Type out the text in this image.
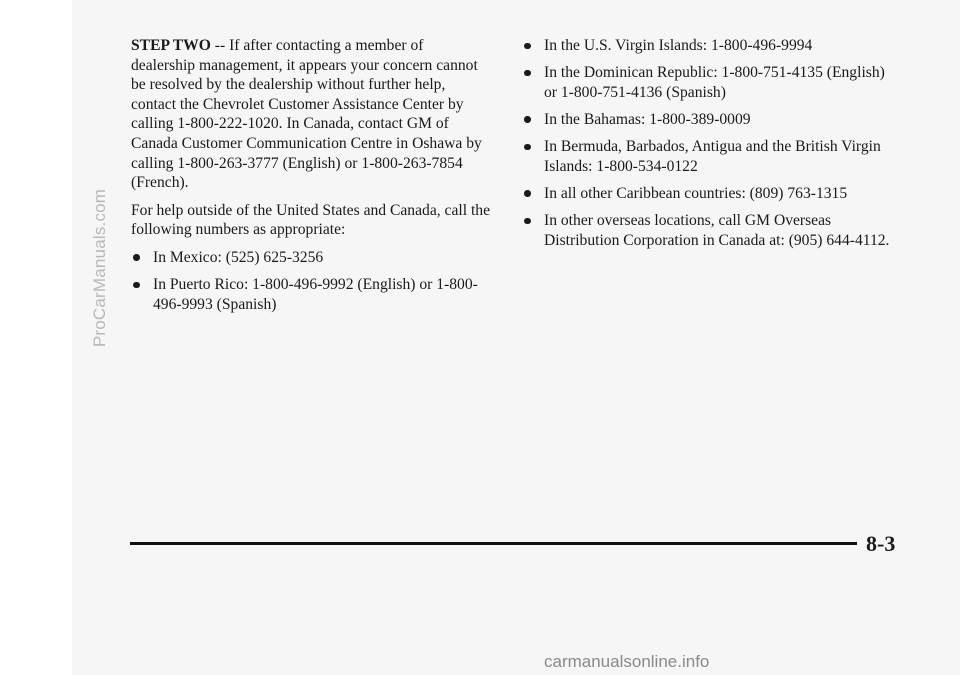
ProCarManuals.com

STEP TWO -- If after contacting a member of dealership management, it appears your concern cannot be resolved by the dealership without further help, contact the Chevrolet Customer Assistance Center by calling 1-800-222-1020. In Canada, contact GM of Canada Customer Communication Centre in Oshawa by calling 1-800-263-3777 (English) or 1-800-263-7854 (French).

For help outside of the United States and Canada, call the following numbers as appropriate:

In Mexico: (525) 625-3256
In Puerto Rico: 1-800-496-9992 (English) or 1-800-496-9993 (Spanish)
In the U.S. Virgin Islands: 1-800-496-9994
In the Dominican Republic: 1-800-751-4135 (English) or 1-800-751-4136 (Spanish)
In the Bahamas: 1-800-389-0009
In Bermuda, Barbados, Antigua and the British Virgin Islands: 1-800-534-0122
In all other Caribbean countries: (809) 763-1315
In other overseas locations, call GM Overseas Distribution Corporation in Canada at: (905) 644-4112.
8-3
carmanualsonline.info
